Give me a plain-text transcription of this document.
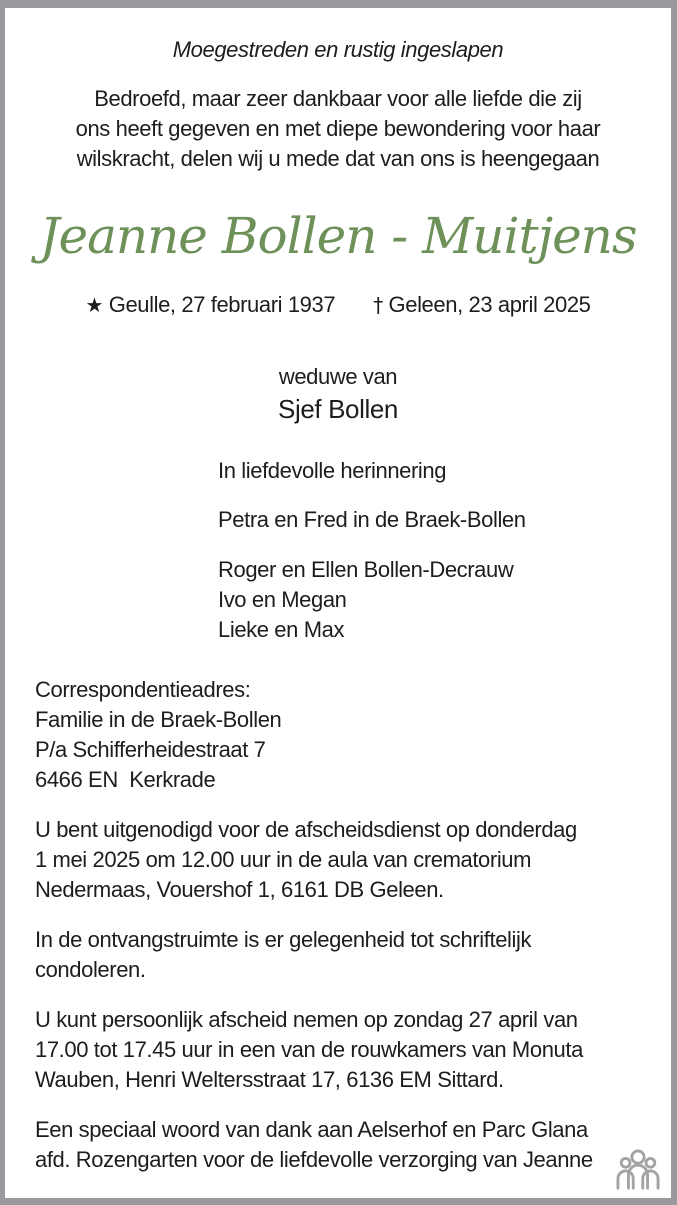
Moegestreden en rustig ingeslapen
Bedroefd, maar zeer dankbaar voor alle liefde die zij
ons heeft gegeven en met diepe bewondering voor haar
wilskracht, delen wij u mede dat van ons is heengegaan
Jeanne Bollen - Muitjens
★ Geulle, 27 februari 1937 † Geleen, 23 april 2025
weduwe van
Sjef Bollen
In liefdevolle herinnering
Petra en Fred in de Braek-Bollen
Roger en Ellen Bollen-Decrauw
Ivo en Megan
Lieke en Max
Correspondentieadres:
Familie in de Braek-Bollen
P/a Schifferheidestraat 7
6466 EN  Kerkrade
U bent uitgenodigd voor de afscheidsdienst op donderdag
1 mei 2025 om 12.00 uur in de aula van crematorium
Nedermaas, Vouershof 1, 6161 DB Geleen.
In de ontvangstruimte is er gelegenheid tot schriftelijk
condoleren.
U kunt persoonlijk afscheid nemen op zondag 27 april van
17.00 tot 17.45 uur in een van de rouwkamers van Monuta
Wauben, Henri Weltersstraat 17, 6136 EM Sittard.
Een speciaal woord van dank aan Aelserhof en Parc Glana
afd. Rozengarten voor de liefdevolle verzorging van Jeanne
